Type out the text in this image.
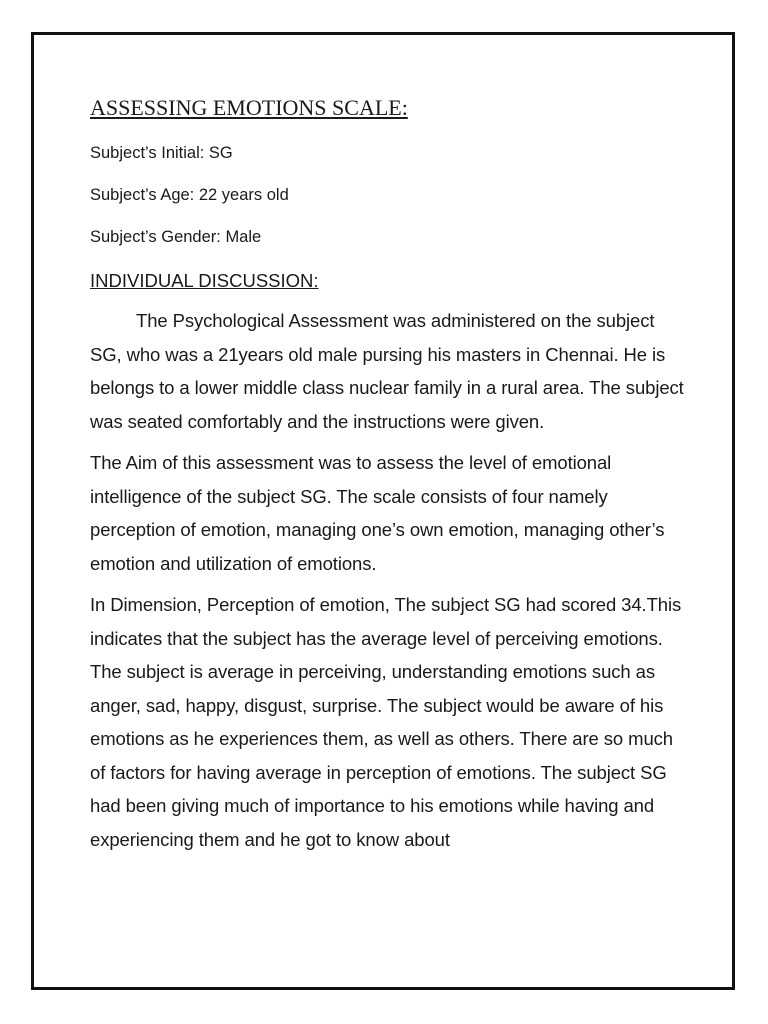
ASSESSING EMOTIONS SCALE:

Subject’s Initial: SG

Subject’s Age: 22 years old

Subject’s Gender: Male

INDIVIDUAL DISCUSSION:

The Psychological Assessment was administered on the subject SG, who was a 21years old male pursing his masters in Chennai. He is belongs to a lower middle class nuclear family in a rural area. The subject was seated comfortably and the instructions were given.

The Aim of this assessment was to assess the level of emotional intelligence of the subject SG. The scale consists of four namely perception of emotion, managing one’s own emotion, managing other’s emotion and utilization of emotions.

In Dimension, Perception of emotion, The subject SG had scored 34.This indicates that the subject has the average level of perceiving emotions. The subject is average in perceiving, understanding emotions such as anger, sad, happy, disgust, surprise. The subject would be aware of his emotions as he experiences them, as well as others. There are so much of factors for having average in perception of emotions. The subject SG had been giving much of importance to his emotions while having and experiencing them and he got to know about
